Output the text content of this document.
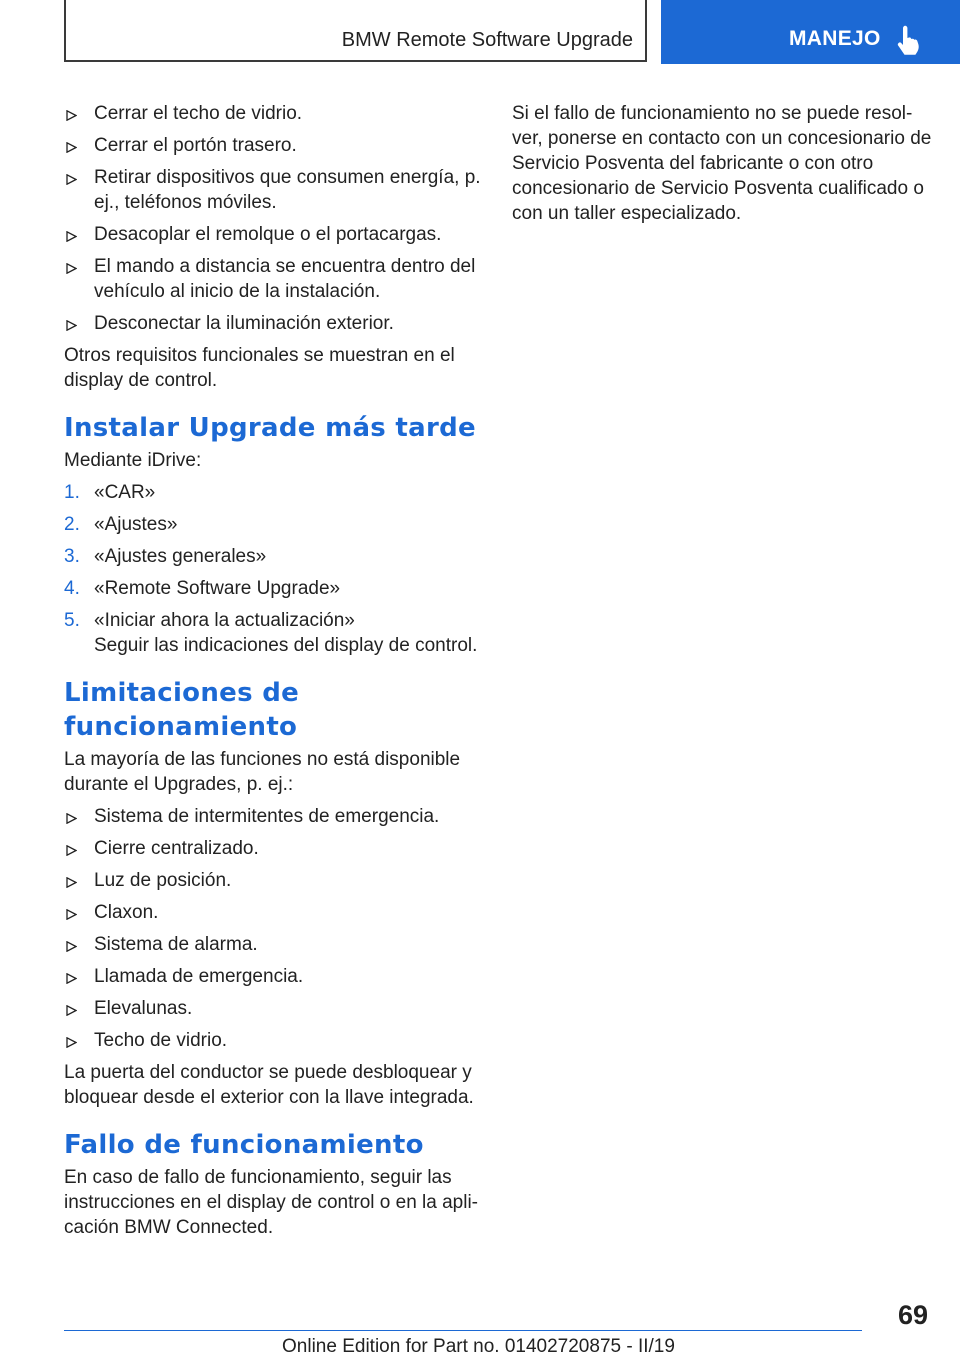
BMW Remote Software Upgrade	MANEJO
Cerrar el techo de vidrio.
Cerrar el portón trasero.
Retirar dispositivos que consumen energía, p. ej., teléfonos móviles.
Desacoplar el remolque o el portacargas.
El mando a distancia se encuentra dentro del vehículo al inicio de la instalación.
Desconectar la iluminación exterior.

Otros requisitos funcionales se muestran en el display de control.

Instalar Upgrade más tarde

Mediante iDrive:

1. «CAR»
2. «Ajustes»
3. «Ajustes generales»
4. «Remote Software Upgrade»
5. «Iniciar ahora la actualización»

Seguir las indicaciones del display de control.

Limitaciones de funcionamiento

La mayoría de las funciones no está disponible durante el Upgrades, p. ej.:

Sistema de intermitentes de emergencia.
Cierre centralizado.
Luz de posición.
Claxon.
Sistema de alarma.
Llamada de emergencia.
Elevalunas.
Techo de vidrio.

La puerta del conductor se puede desbloquear y bloquear desde el exterior con la llave integrada.

Fallo de funcionamiento

En caso de fallo de funcionamiento, seguir las instrucciones en el display de control o en la apli‐cación BMW Connected.

Si el fallo de funcionamiento no se puede resol‐ver, ponerse en contacto con un concesionario de Servicio Posventa del fabricante o con otro concesionario de Servicio Posventa cualificado o con un taller especializado.

69
Online Edition for Part no. 01402720875 - II/19
